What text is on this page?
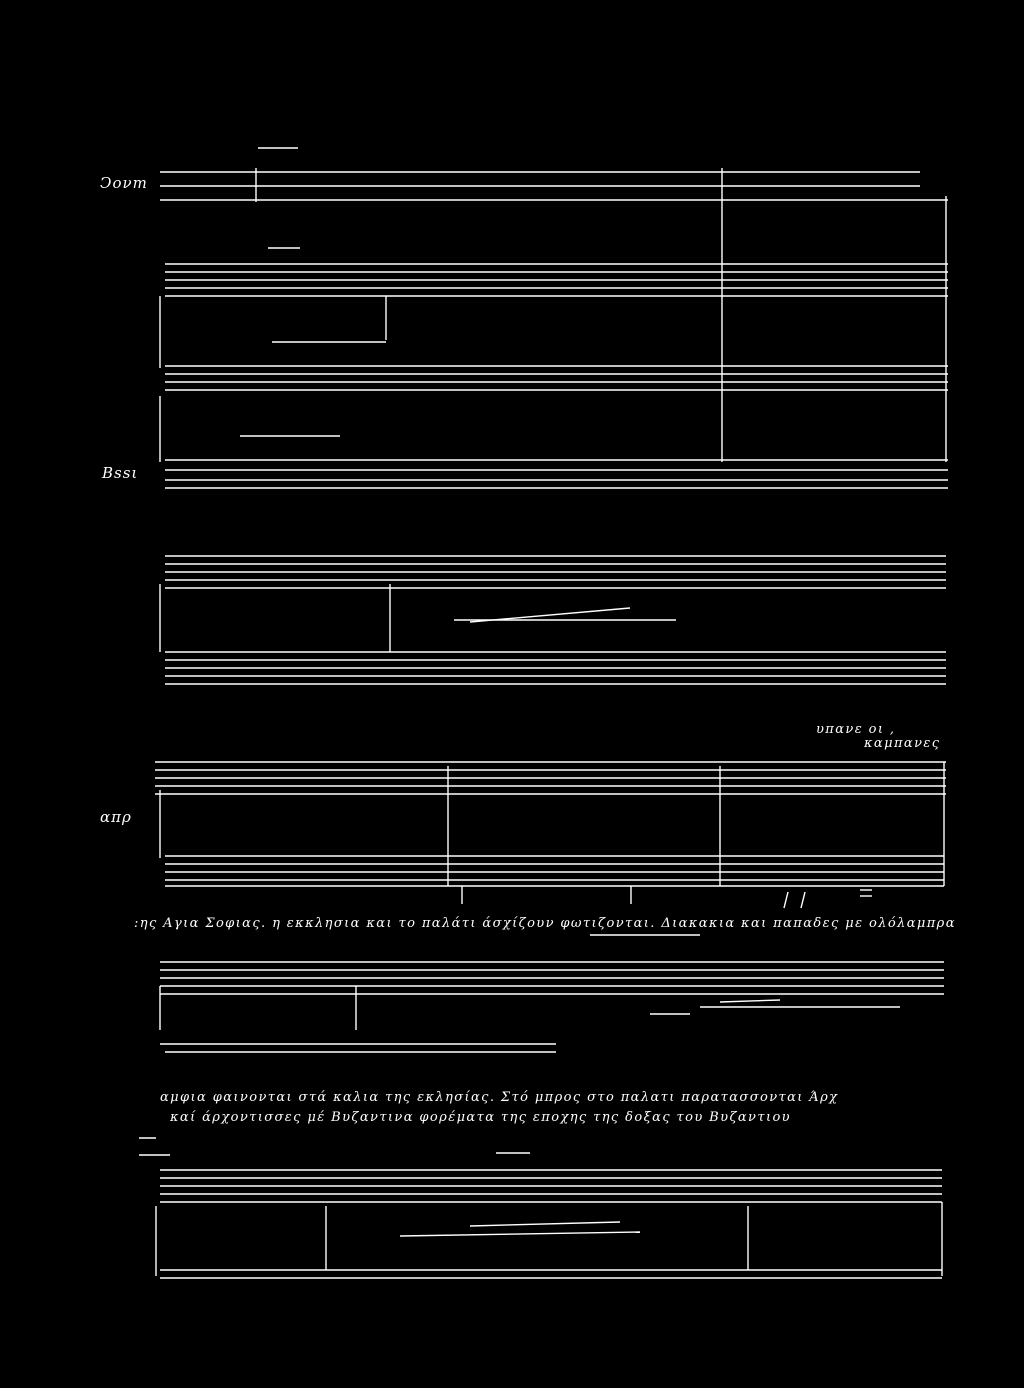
Ͻονт
Βssι
απρ
υπανε οι ,
καμπανες
:ης Αγια Σοφιας. η εκκλησια και το παλάτι άσχίζουν φωτιζονται. Διακακια και παπαδες με ολόλαμπρα
αμφια φαινονται στά καλια της εκλησίας. Στό μπρος στο παλατι παρατασσονται Άρχ
καί άρχοντισσες μέ Βυζαντινα φορέματα της εποχης της δοξας του Βυζαντιου
